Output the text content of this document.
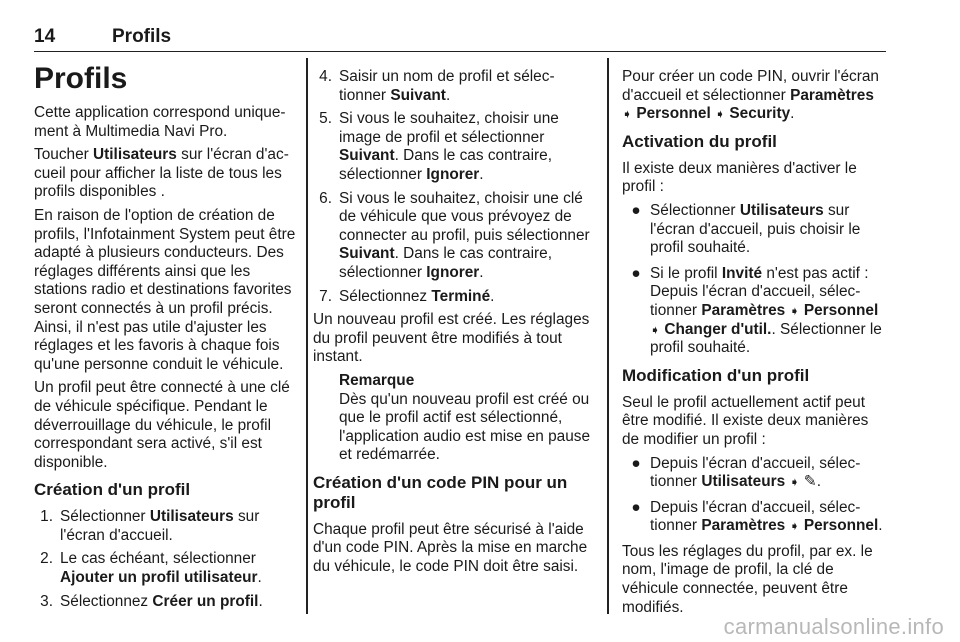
14	Profils
Profils

Cette application correspond uniquement à Multimedia Navi Pro.

Toucher Utilisateurs sur l'écran d'accueil pour afficher la liste de tous les profils disponibles .

En raison de l'option de création de profils, l'Infotainment System peut être adapté à plusieurs conducteurs. Des réglages différents ainsi que les stations radio et destinations favorites seront connectés à un profil précis. Ainsi, il n'est pas utile d'ajuster les réglages et les favoris à chaque fois qu'une personne conduit le véhicule.

Un profil peut être connecté à une clé de véhicule spécifique. Pendant le déverrouillage du véhicule, le profil correspondant sera activé, s'il est disponible.

Création d'un profil
1. Sélectionner Utilisateurs sur l'écran d'accueil.
2. Le cas échéant, sélectionner Ajouter un profil utilisateur.
3. Sélectionnez Créer un profil.
4. Saisir un nom de profil et sélectionner Suivant.
5. Si vous le souhaitez, choisir une image de profil et sélectionner Suivant. Dans le cas contraire, sélectionner Ignorer.
6. Si vous le souhaitez, choisir une clé de véhicule que vous prévoyez de connecter au profil, puis sélectionner Suivant. Dans le cas contraire, sélectionner Ignorer.
7. Sélectionnez Terminé.

Un nouveau profil est créé. Les réglages du profil peuvent être modifiés à tout instant.

Remarque
Dès qu'un nouveau profil est créé ou que le profil actif est sélectionné, l'application audio est mise en pause et redémarrée.
Création d'un code PIN pour un profil

Chaque profil peut être sécurisé à l'aide d'un code PIN. Après la mise en marche du véhicule, le code PIN doit être saisi.

Pour créer un code PIN, ouvrir l'écran d'accueil et sélectionner Paramètres ➧ Personnel ➧ Security.

Activation du profil

Il existe deux manières d'activer le profil :

● Sélectionner Utilisateurs sur l'écran d'accueil, puis choisir le profil souhaité.
● Si le profil Invité n'est pas actif : Depuis l'écran d'accueil, sélectionner Paramètres ➧ Personnel ➧ Changer d'util.. Sélectionner le profil souhaité.
Modification d'un profil

Seul le profil actuellement actif peut être modifié. Il existe deux manières de modifier un profil :

● Depuis l'écran d'accueil, sélectionner Utilisateurs ➧ ✎.
● Depuis l'écran d'accueil, sélectionner Paramètres ➧ Personnel.

Tous les réglages du profil, par ex. le nom, l'image de profil, la clé de véhicule connectée, peuvent être modifiés.

carmanualsonline.info
